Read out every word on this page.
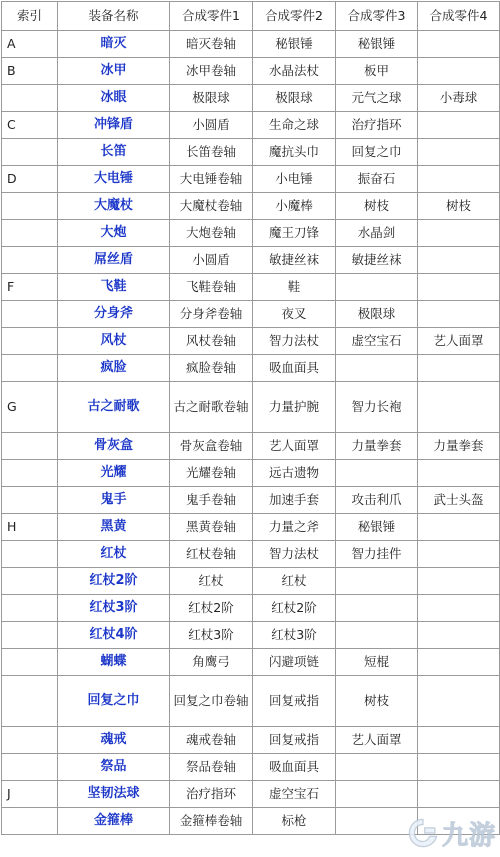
索引	装备名称	合成零件1	合成零件2	合成零件3	合成零件4
A	暗灭	暗灭卷轴	秘银锤	秘银锤	
B	冰甲	冰甲卷轴	水晶法杖	板甲	
	冰眼	极限球	极限球	元气之球	小毒球
C	冲锋盾	小圆盾	生命之球	治疗指环	
	长笛	长笛卷轴	魔抗头巾	回复之巾	
D	大电锤	大电锤卷轴	小电锤	振奋石	
	大魔杖	大魔杖卷轴	小魔棒	树枝	树枝
	大炮	大炮卷轴	魔王刀锋	水晶剑	
	屌丝盾	小圆盾	敏捷丝袜	敏捷丝袜	
F	飞鞋	飞鞋卷轴	鞋		
	分身斧	分身斧卷轴	夜叉	极限球	
	风杖	风杖卷轴	智力法杖	虚空宝石	艺人面罩
	疯脸	疯脸卷轴	吸血面具		
G	古之耐歌	古之耐歌卷轴	力量护腕	智力长袍	
	骨灰盒	骨灰盒卷轴	艺人面罩	力量拳套	力量拳套
	光耀	光耀卷轴	远古遗物		
	鬼手	鬼手卷轴	加速手套	攻击利爪	武士头盔
H	黑黄	黑黄卷轴	力量之斧	秘银锤	
	红杖	红杖卷轴	智力法杖	智力挂件	
	红杖2阶	红杖	红杖		
	红杖3阶	红杖2阶	红杖2阶		
	红杖4阶	红杖3阶	红杖3阶		
	蝴蝶	角鹰弓	闪避项链	短棍	
	回复之巾	回复之巾卷轴	回复戒指	树枝	
	魂戒	魂戒卷轴	回复戒指	艺人面罩	
	祭品	祭品卷轴	吸血面具		
J	坚韧法球	治疗指环	虚空宝石		
	金箍棒	金箍棒卷轴	标枪			九游
